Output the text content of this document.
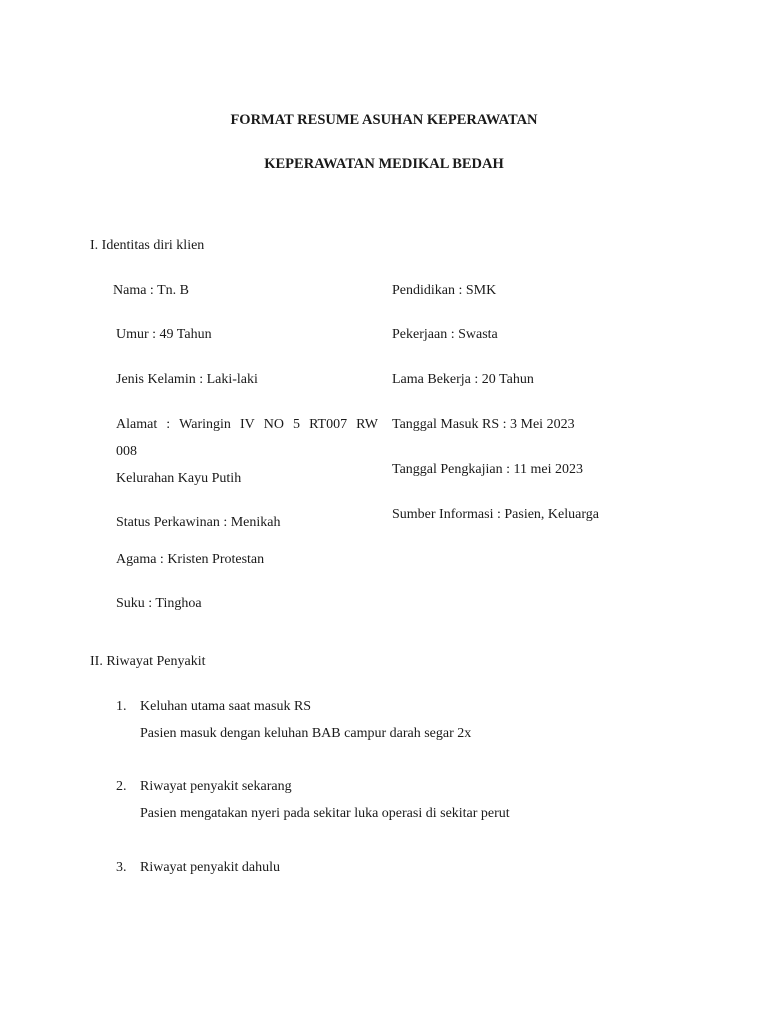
FORMAT RESUME ASUHAN KEPERAWATAN
KEPERAWATAN MEDIKAL BEDAH
I. Identitas diri klien
Nama : Tn. B
Umur : 49 Tahun
Jenis Kelamin : Laki-laki
Alamat : Waringin IV NO 5 RT007 RW
008
Kelurahan Kayu Putih
Status Perkawinan : Menikah
Agama : Kristen Protestan
Suku : Tinghoa
Pendidikan : SMK
Pekerjaan : Swasta
Lama Bekerja : 20 Tahun
Tanggal Masuk RS : 3 Mei 2023
Tanggal Pengkajian : 11 mei 2023
Sumber Informasi : Pasien, Keluarga
II. Riwayat Penyakit
1. Keluhan utama saat masuk RS
Pasien masuk dengan keluhan BAB campur darah segar 2x
2. Riwayat penyakit sekarang
Pasien mengatakan nyeri pada sekitar luka operasi di sekitar perut
3. Riwayat penyakit dahulu
